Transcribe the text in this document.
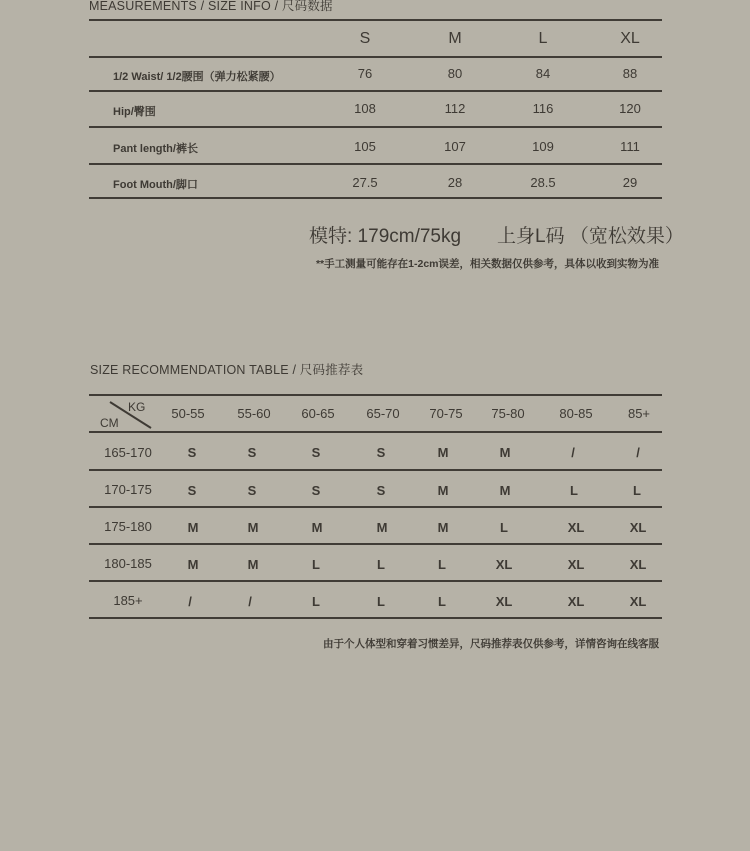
MEASUREMENTS / SIZE INFO / 尺码数据
S	M	L	XL
1/2 Waist/ 1/2腰围（弹力松紧腰）	76	80	84	88
Hip/臀围	108	112	116	120
Pant length/裤长	105	107	109	111
Foot Mouth/脚口	27.5	28	28.5	29
模特: 179cm/75kg 上身L码 （宽松效果）
**手工测量可能存在1-2cm误差，相关数据仅供参考，具体以收到实物为准
SIZE RECOMMENDATION TABLE / 尺码推荐表
KG
CM
50-55	55-60	60-65	65-70	70-75	75-80	80-85	85+
165-170	S	S	S	S	M	M	/	/
170-175	S	S	S	S	M	M	L	L
175-180	M	M	M	M	M	L	XL	XL
180-185	M	M	L	L	L	XL	XL	XL
185+	/	/	L	L	L	XL	XL	XL
由于个人体型和穿着习惯差异，尺码推荐表仅供参考，详情咨询在线客服
